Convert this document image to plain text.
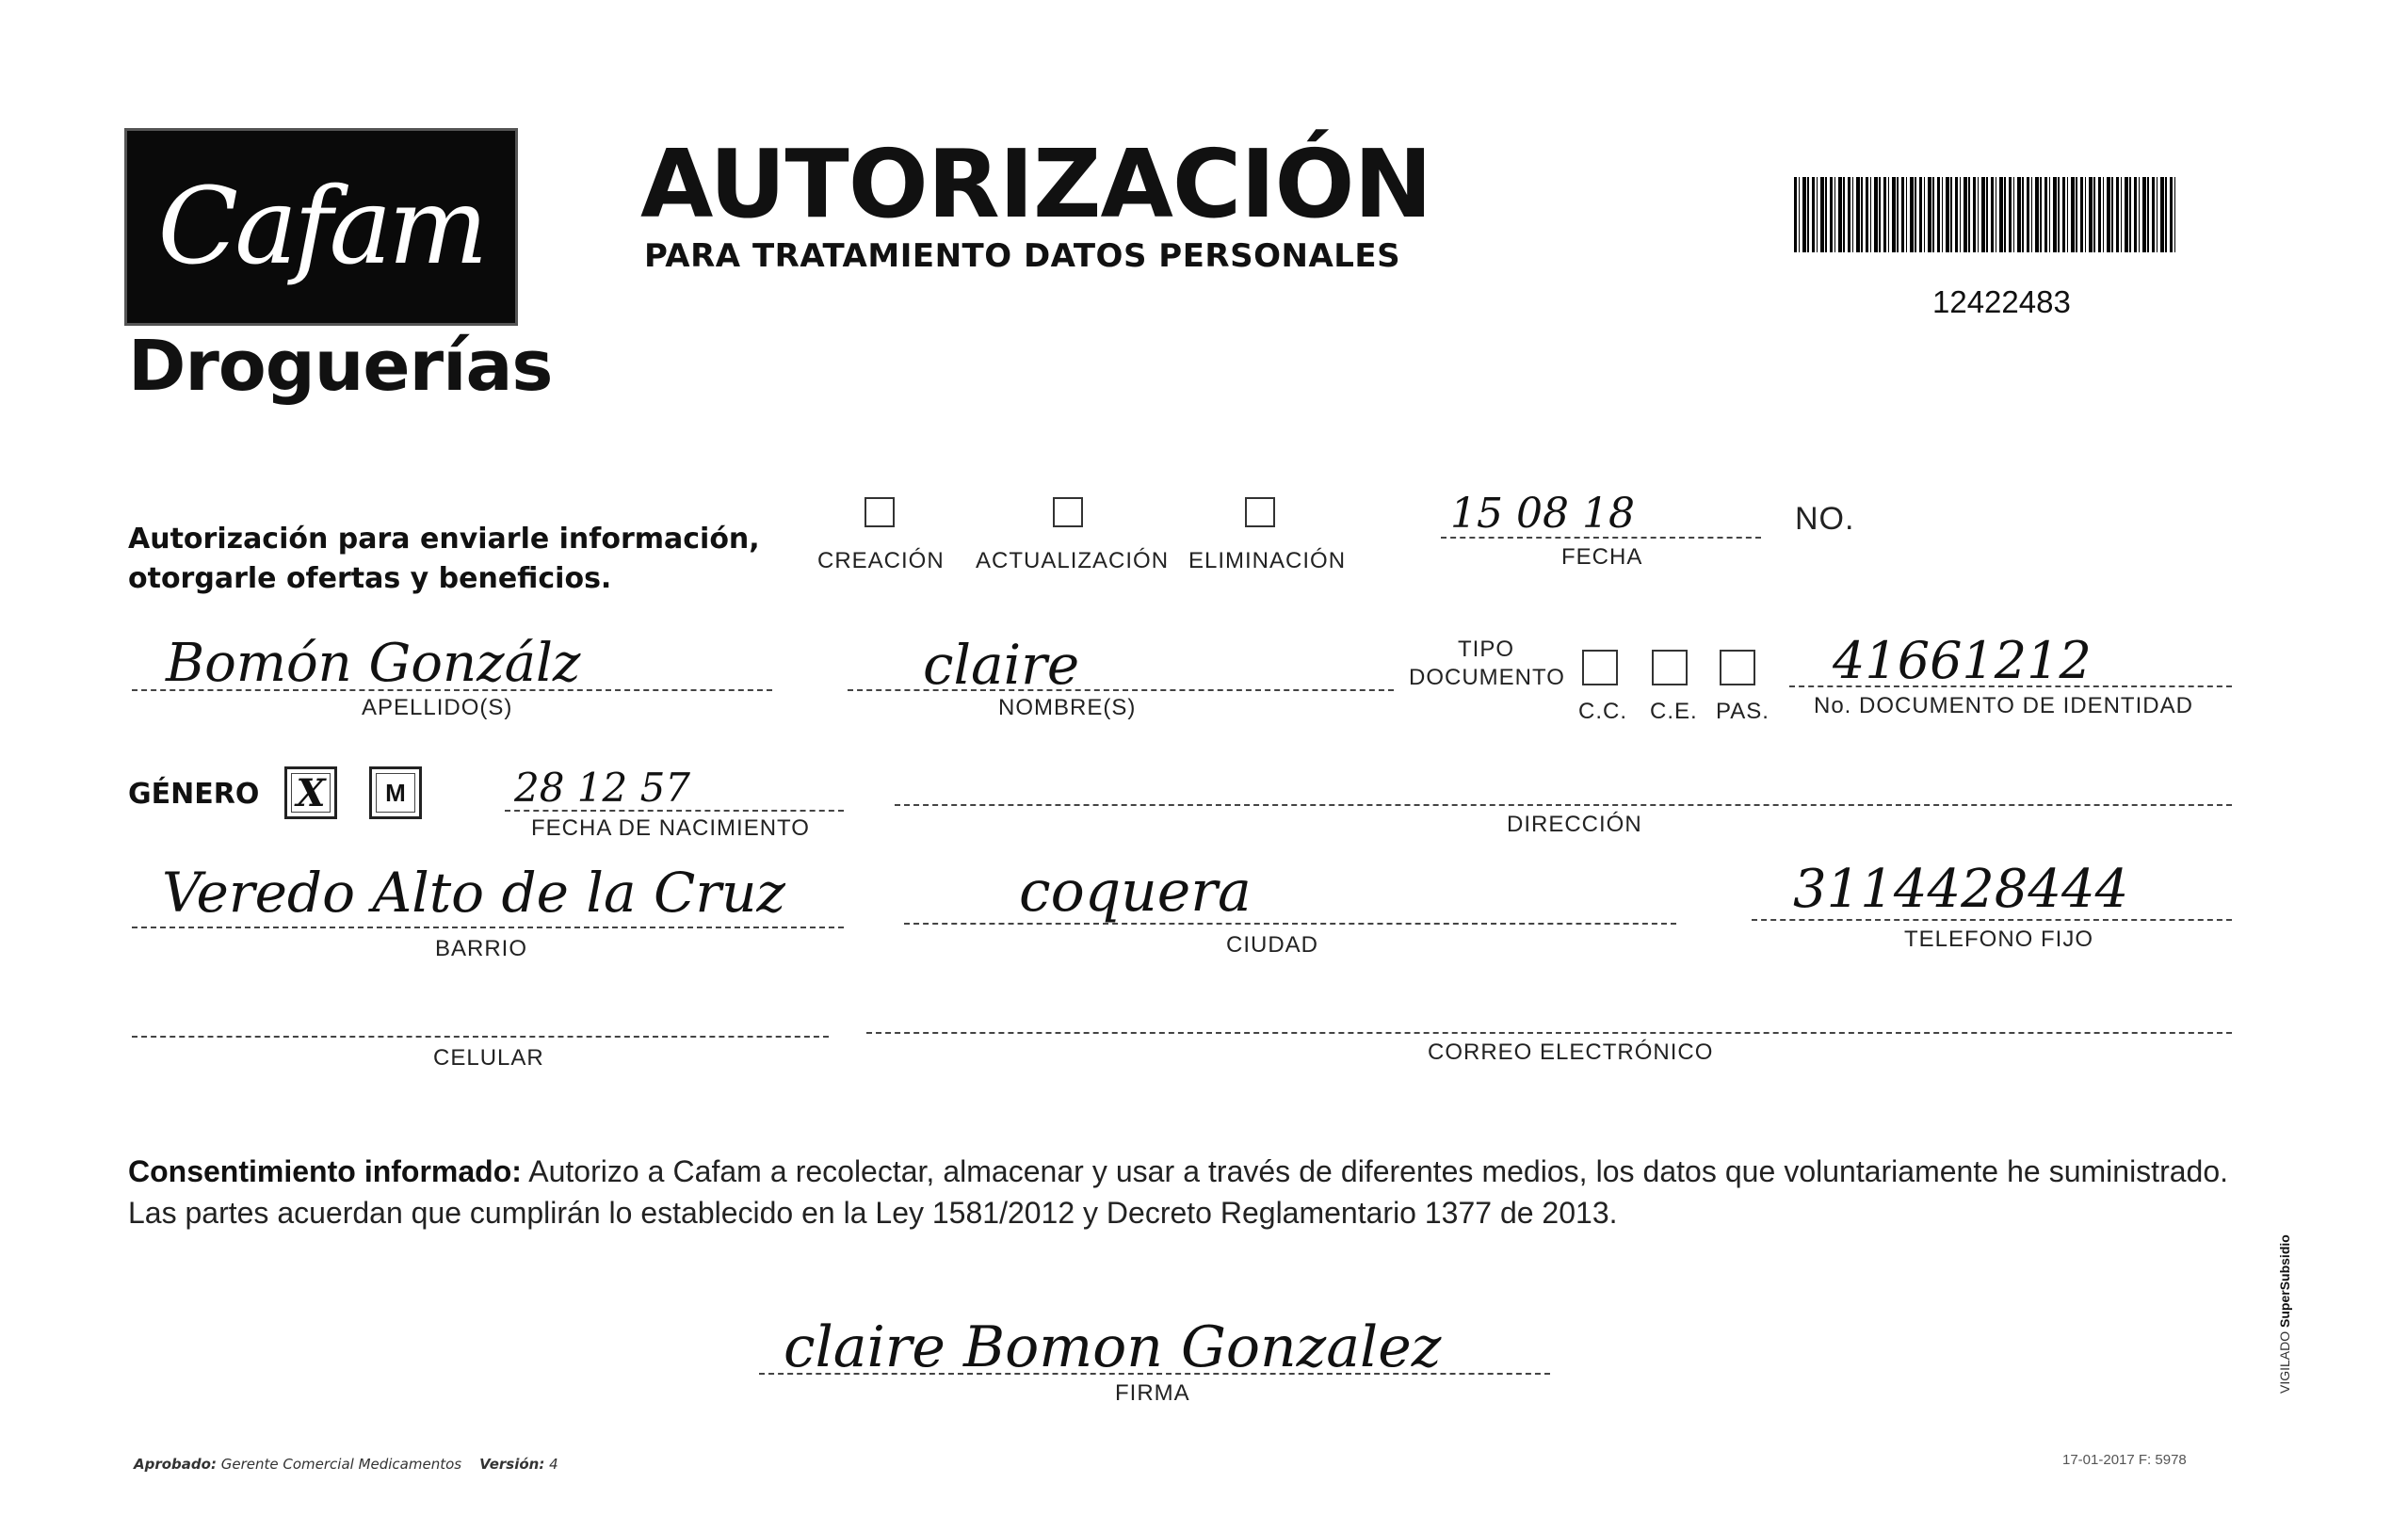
Cafam
Droguerías
AUTORIZACIÓN
PARA TRATAMIENTO DATOS PERSONALES
12422483
Autorización para enviarle información,
otorgarle ofertas y beneficios.
CREACIÓN ACTUALIZACIÓN ELIMINACIÓN
15 08 18
FECHA
NO.
Bomón Gonzálz
APELLIDO(S)
claire
NOMBRE(S)
TIPO
DOCUMENTO
C.C. C.E. PAS.
41661212
No. DOCUMENTO DE IDENTIDAD
GÉNERO X M	28 12 57
FECHA DE NACIMIENTO	DIRECCIÓN
Veredo Alto de la Cruz
BARRIO
coquera
CIUDAD
3114428444
TELEFONO FIJO
CELULAR	CORREO ELECTRÓNICO
Consentimiento informado: Autorizo a Cafam a recolectar, almacenar y usar a través de diferentes medios, los datos que voluntariamente he suministrado. Las partes acuerdan que cumplirán lo establecido en la Ley 1581/2012 y Decreto Reglamentario 1377 de 2013.
claire Bomon Gonzalez
FIRMA
Aprobado: Gerente Comercial Medicamentos Versión: 4	17-01-2017 F: 5978
VIGILADO SuperSubsidio
